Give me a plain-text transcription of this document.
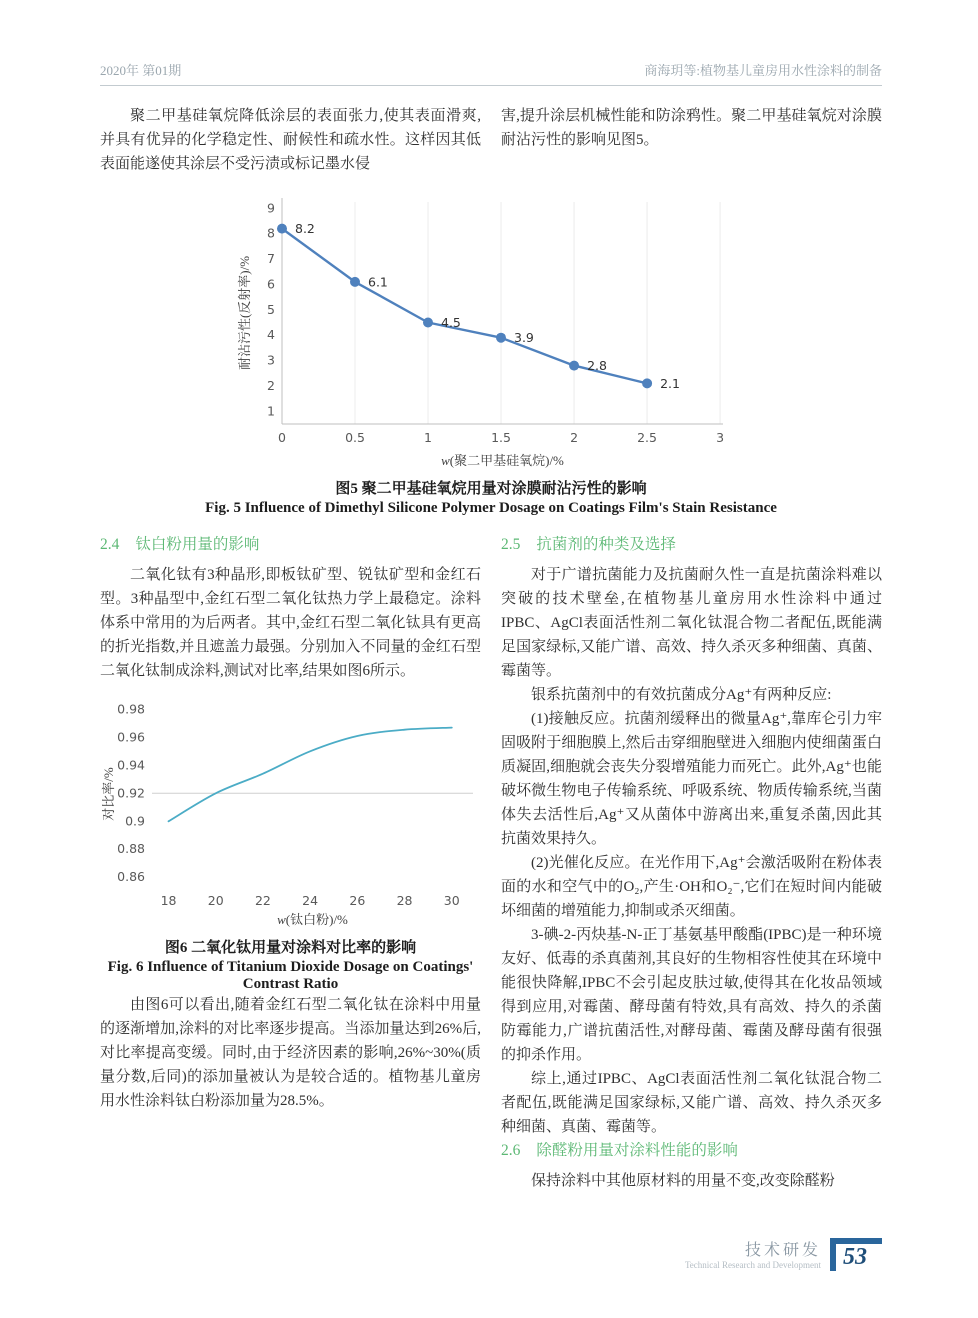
2020年 第01期	商海玥等:植物基儿童房用水性涂料的制备

聚二甲基硅氧烷降低涂层的表面张力,使其表面滑爽,并具有优异的化学稳定性、耐候性和疏水性。这样因其低表面能遂使其涂层不受污渍或标记墨水侵

害,提升涂层机械性能和防涂鸦性。聚二甲基硅氧烷对涂膜耐沾污性的影响见图5。

0	0.5	1	1.5	2	2.5	3
1
2
3
4
5
6
7
8
9
8.2
6.1
4.5
3.9
2.8
2.1
w(聚二甲基硅氧烷)/%
耐沾污性(反射率)/%

图5 聚二甲基硅氧烷用量对涂膜耐沾污性的影响

Fig. 5 Influence of Dimethyl Silicone Polymer Dosage on Coatings Film's Stain Resistance

2.4 钛白粉用量的影响

二氧化钛有3种晶形,即板钛矿型、锐钛矿型和金红石型。3种晶型中,金红石型二氧化钛热力学上最稳定。涂料体系中常用的为后两者。其中,金红石型二氧化钛具有更高的折光指数,并且遮盖力最强。分别加入不同量的金红石型二氧化钛制成涂料,测试对比率,结果如图6所示。

18	20	22	24	26	28	30
0.86
0.88
0.9
0.92
0.94
0.96
0.98
w(钛白粉)/%
对比率/%

图6 二氧化钛用量对涂料对比率的影响

Fig. 6 Influence of Titanium Dioxide Dosage on Coatings' Contrast Ratio

由图6可以看出,随着金红石型二氧化钛在涂料中用量的逐渐增加,涂料的对比率逐步提高。当添加量达到26%后,对比率提高变缓。同时,由于经济因素的影响,26%~30%(质量分数,后同)的添加量被认为是较合适的。植物基儿童房用水性涂料钛白粉添加量为28.5%。

2.5 抗菌剂的种类及选择

对于广谱抗菌能力及抗菌耐久性一直是抗菌涂料难以突破的技术壁垒,在植物基儿童房用水性涂料中通过IPBC、AgCl表面活性剂二氧化钛混合物二者配伍,既能满足国家绿标,又能广谱、高效、持久杀灭多种细菌、真菌、霉菌等。

银系抗菌剂中的有效抗菌成分Ag⁺有两种反应:

(1)接触反应。抗菌剂缓释出的微量Ag⁺,靠库仑引力牢固吸附于细胞膜上,然后击穿细胞壁进入细胞内使细菌蛋白质凝固,细胞就会丧失分裂增殖能力而死亡。此外,Ag⁺也能破坏微生物电子传输系统、呼吸系统、物质传输系统,当菌体失去活性后,Ag⁺又从菌体中游离出来,重复杀菌,因此其抗菌效果持久。

(2)光催化反应。在光作用下,Ag⁺会激活吸附在粉体表面的水和空气中的O₂,产生·OH和O₂⁻,它们在短时间内能破坏细菌的增殖能力,抑制或杀灭细菌。

3-碘-2-丙炔基-N-正丁基氨基甲酸酯(IPBC)是一种环境友好、低毒的杀真菌剂,其良好的生物相容性使其在环境中能很快降解,IPBC不会引起皮肤过敏,使得其在化妆品领域得到应用,对霉菌、酵母菌有特效,具有高效、持久的杀菌防霉能力,广谱抗菌活性,对酵母菌、霉菌及酵母菌有很强的抑杀作用。

综上,通过IPBC、AgCl表面活性剂二氧化钛混合物二者配伍,既能满足国家绿标,又能广谱、高效、持久杀灭多种细菌、真菌、霉菌等。

2.6 除醛粉用量对涂料性能的影响

保持涂料中其他原材料的用量不变,改变除醛粉

技术研发
Technical Research and Development 53
